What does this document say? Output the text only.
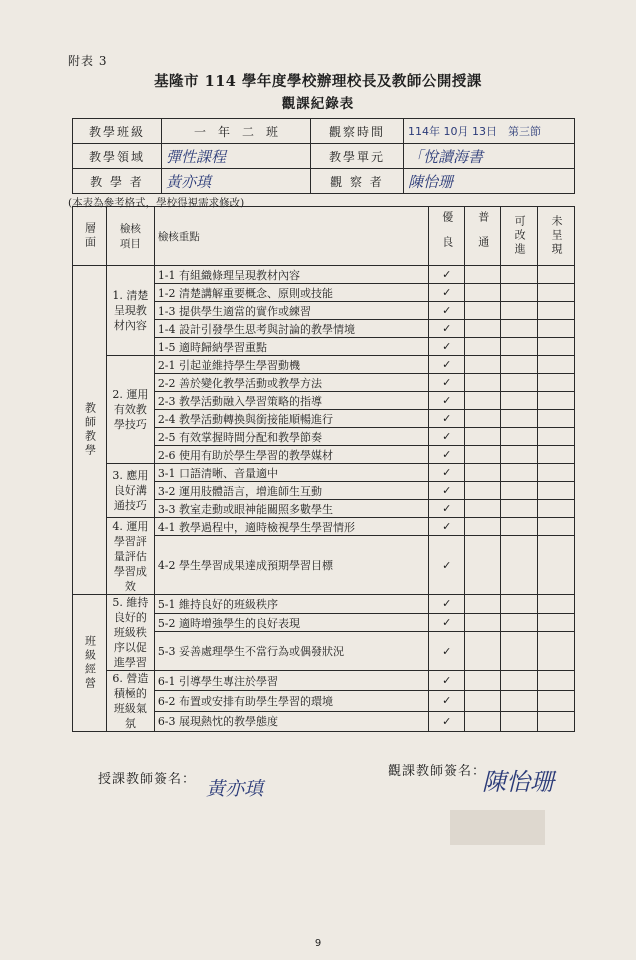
附表 3
基隆市 114 學年度學校辦理校長及教師公開授課
觀課紀錄表
教學班級	一　年　二　班	觀察時間	114年 10月 13日　第三節
教學領域	彈性課程	教學單元	「悅讀海書
教 學 者	黃亦瑱	觀 察 者	陳怡珊
(本表為參考格式，學校得視需求修改)
層面	檢核項目	檢核重點	優良	普通	可改進	未呈現

教師教學	1. 清楚呈現教材內容	1-1 有組織條理呈現教材內容	✓			
		1-2 清楚講解重要概念、原則或技能	✓			
		1-3 提供學生適當的實作或練習	✓			
		1-4 設計引發學生思考與討論的教學情境	✓			
		1-5 適時歸納學習重點	✓			
	2. 運用有效教學技巧	2-1 引起並維持學生學習動機	✓			
		2-2 善於變化教學活動或教學方法	✓			
		2-3 教學活動融入學習策略的指導	✓			
		2-4 教學活動轉換與銜接能順暢進行	✓			
		2-5 有效掌握時間分配和教學節奏	✓			
		2-6 使用有助於學生學習的教學媒材	✓			
	3. 應用良好溝通技巧	3-1 口語清晰、音量適中	✓			
		3-2 運用肢體語言，增進師生互動	✓			
		3-3 教室走動或眼神能關照多數學生	✓			
	4. 運用學習評量評估學習成效	4-1 教學過程中，適時檢視學生學習情形	✓			
		4-2 學生學習成果達成預期學習目標	✓			

班級經營	5. 維持良好的班級秩序以促進學習	5-1 維持良好的班級秩序	✓			
		5-2 適時增強學生的良好表現	✓			
		5-3 妥善處理學生不當行為或偶發狀況	✓			
	6. 營造積極的班級氣氛	6-1 引導學生專注於學習	✓			
		6-2 布置或安排有助學生學習的環境	✓			
		6-3 展現熱忱的教學態度	✓			
授課教師簽名： 黃亦瑱
觀課教師簽名：
陳怡珊
9
